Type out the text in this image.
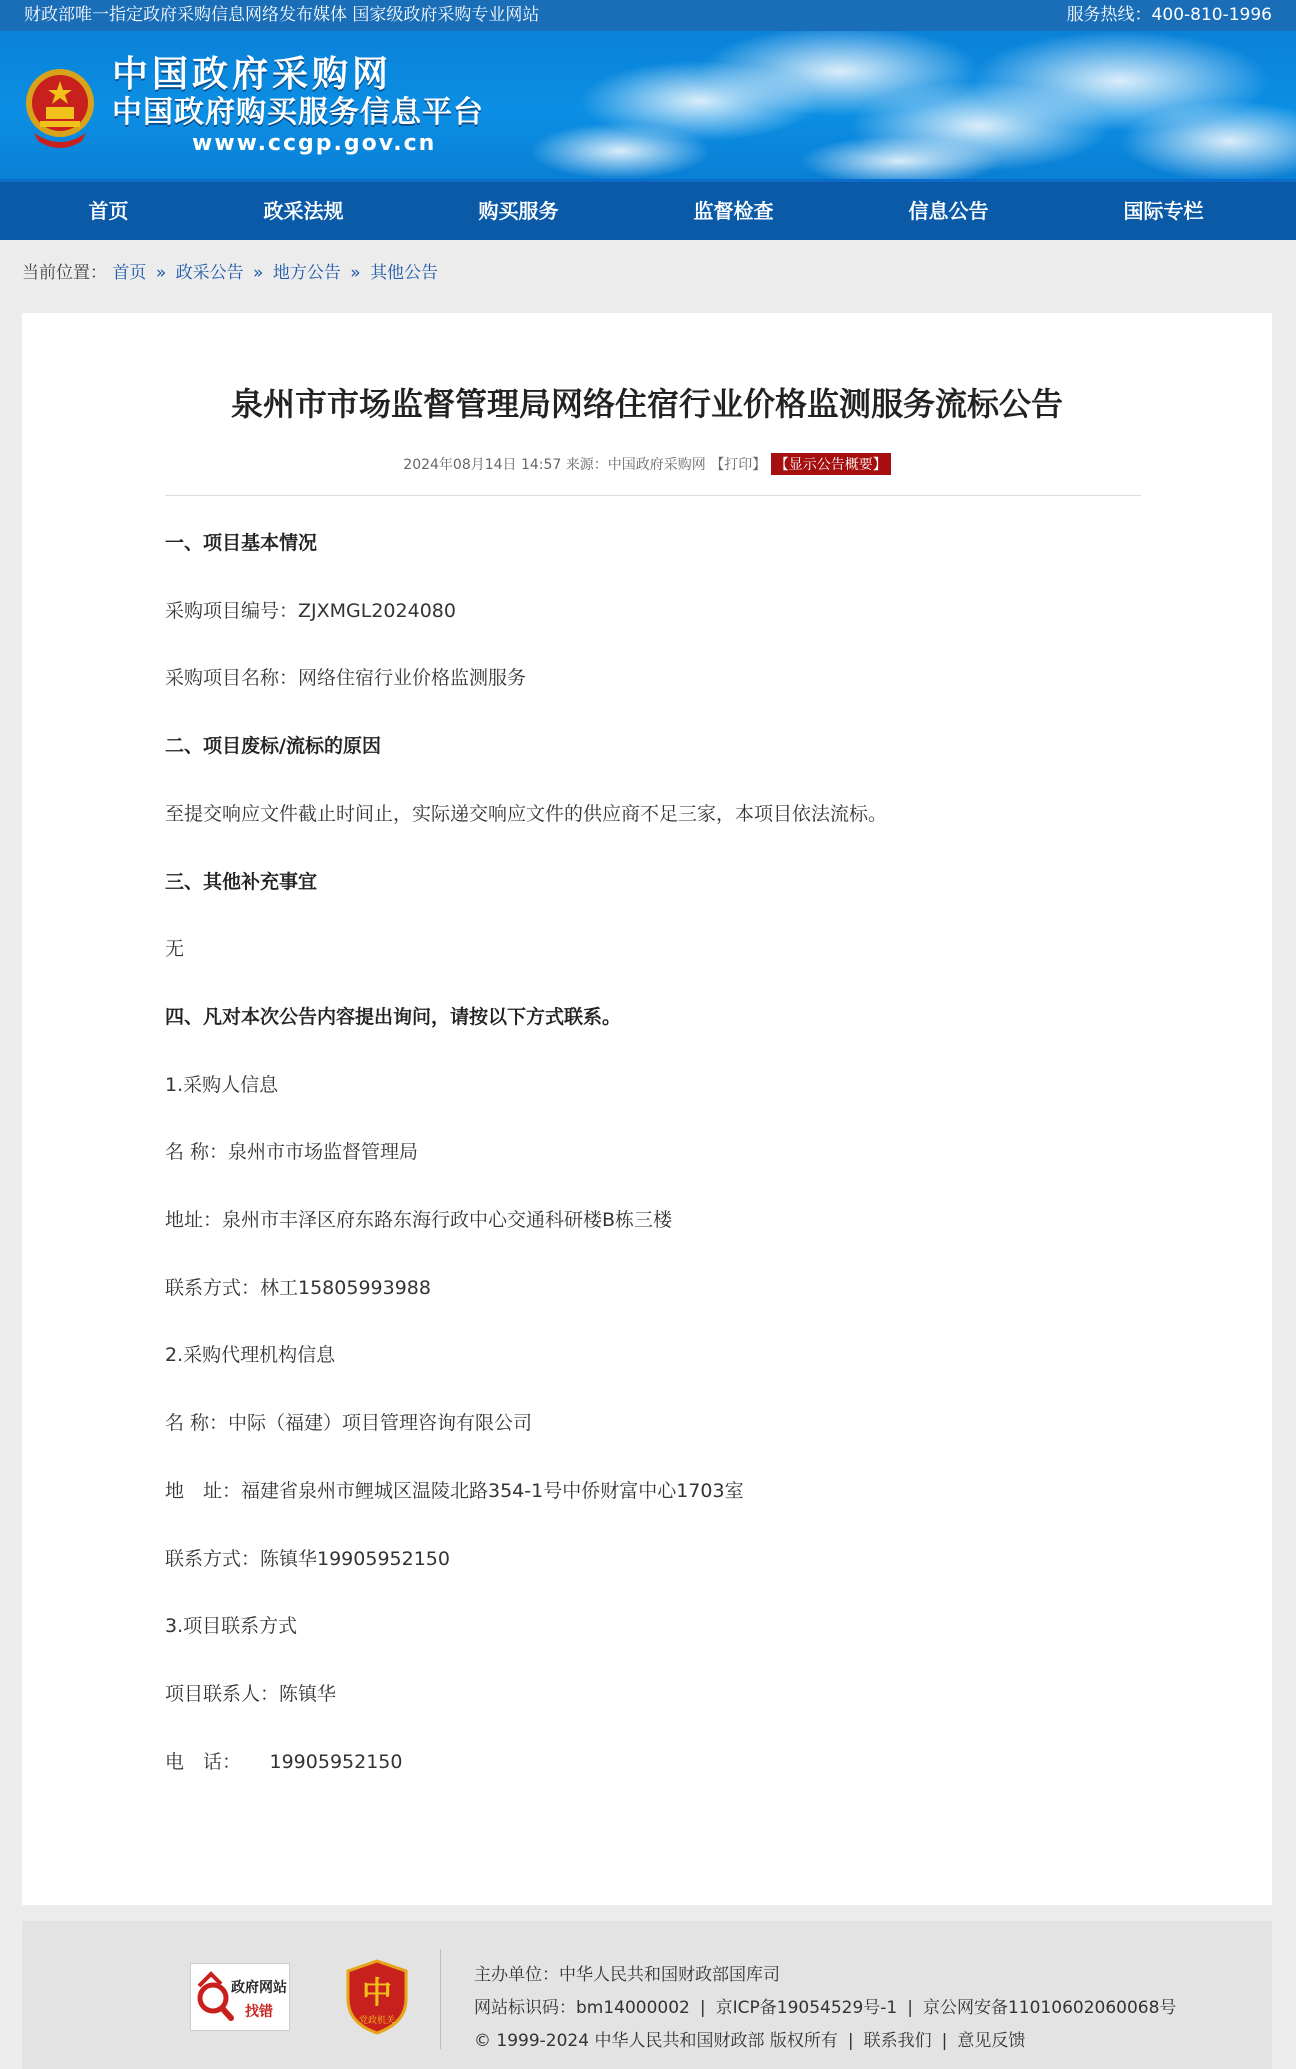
财政部唯一指定政府采购信息网络发布媒体 国家级政府采购专业网站	服务热线：400-810-1996
中国政府采购网
中国政府购买服务信息平台
www.ccgp.gov.cn
首页	政采法规	购买服务	监督检查	信息公告	国际专栏
当前位置： 首页 » 政采公告 » 地方公告 » 其他公告
泉州市市场监督管理局网络住宿行业价格监测服务流标公告
2024年08月14日 14:57 来源：中国政府采购网 【打印】 【显示公告概要】
一、项目基本情况
采购项目编号：ZJXMGL2024080
采购项目名称：网络住宿行业价格监测服务
二、项目废标/流标的原因
至提交响应文件截止时间止，实际递交响应文件的供应商不足三家，本项目依法流标。
三、其他补充事宜
无
四、凡对本次公告内容提出询问，请按以下方式联系。
1.采购人信息
名 称：泉州市市场监督管理局
地址：泉州市丰泽区府东路东海行政中心交通科研楼B栋三楼
联系方式：林工15805993988
2.采购代理机构信息
名 称：中际（福建）项目管理咨询有限公司
地　址：福建省泉州市鲤城区温陵北路354-1号中侨财富中心1703室
联系方式：陈镇华19905952150
3.项目联系方式
项目联系人：陈镇华
电　话：　　19905952150
政府网站
找错
中
党政机关
主办单位：中华人民共和国财政部国库司
网站标识码：bm14000002 | 京ICP备19054529号-1 | 京公网安备11010602060068号
© 1999-2024 中华人民共和国财政部 版权所有 | 联系我们 | 意见反馈
